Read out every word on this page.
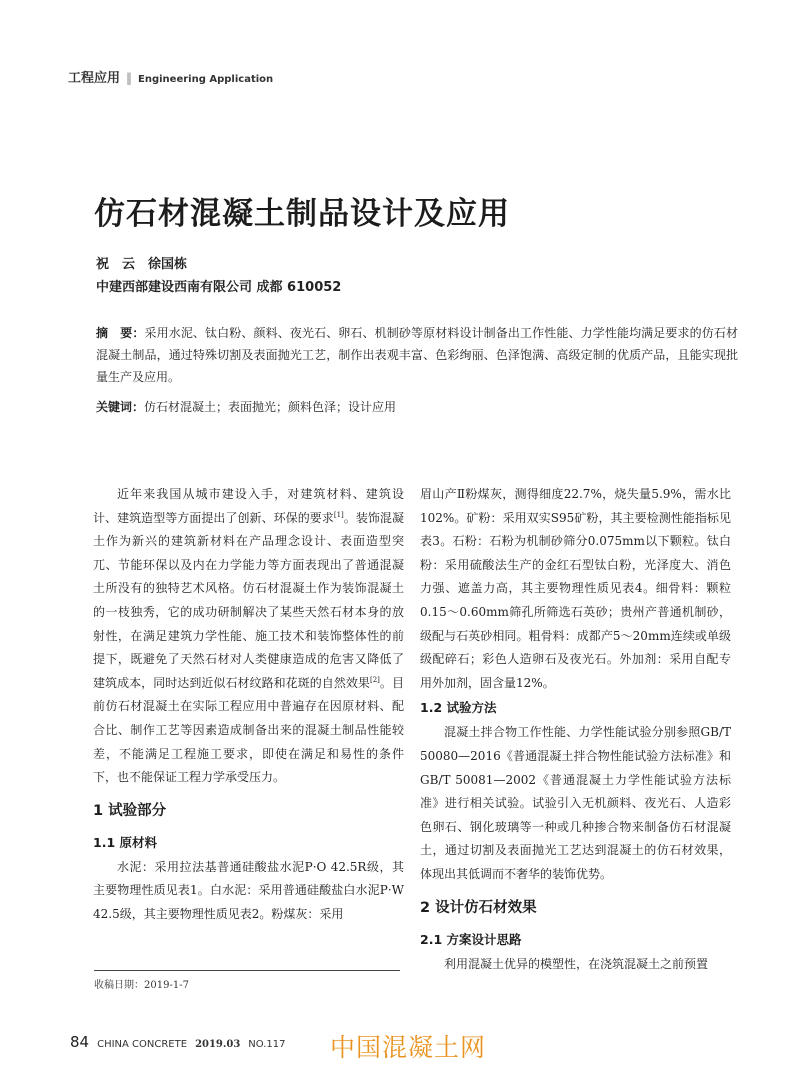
工程应用 ‖ Engineering Application
仿石材混凝土制品设计及应用
祝　云　徐国栋
中建西部建设西南有限公司 成都 610052
摘　要：采用水泥、钛白粉、颜料、夜光石、卵石、机制砂等原材料设计制备出工作性能、力学性能均满足要求的仿石材混凝土制品，通过特殊切割及表面抛光工艺，制作出表观丰富、色彩绚丽、色泽饱满、高级定制的优质产品，且能实现批量生产及应用。
关键词：仿石材混凝土；表面抛光；颜料色泽；设计应用

近年来我国从城市建设入手，对建筑材料、建筑设计、建筑造型等方面提出了创新、环保的要求[1]。装饰混凝土作为新兴的建筑新材料在产品理念设计、表面造型突兀、节能环保以及内在力学能力等方面表现出了普通混凝土所没有的独特艺术风格。仿石材混凝土作为装饰混凝土的一枝独秀，它的成功研制解决了某些天然石材本身的放射性，在满足建筑力学性能、施工技术和装饰整体性的前提下，既避免了天然石材对人类健康造成的危害又降低了建筑成本，同时达到近似石材纹路和花斑的自然效果[2]。目前仿石材混凝土在实际工程应用中普遍存在因原材料、配合比、制作工艺等因素造成制备出来的混凝土制品性能较差，不能满足工程施工要求，即使在满足和易性的条件下，也不能保证工程力学承受压力。

1 试验部分
1.1 原材料

水泥：采用拉法基普通硅酸盐水泥P·O 42.5R级，其主要物理性质见表1。白水泥：采用普通硅酸盐白水泥P·W 42.5级，其主要物理性质见表2。粉煤灰：采用

眉山产Ⅱ粉煤灰，测得细度22.7%，烧失量5.9%，需水比102%。矿粉：采用双实S95矿粉，其主要检测性能指标见表3。石粉：石粉为机制砂筛分0.075mm以下颗粒。钛白粉：采用硫酸法生产的金红石型钛白粉，光泽度大、消色力强、遮盖力高，其主要物理性质见表4。细骨料：颗粒0.15～0.60mm筛孔所筛选石英砂；贵州产普通机制砂，级配与石英砂相同。粗骨料：成都产5～20mm连续或单级级配碎石；彩色人造卵石及夜光石。外加剂：采用自配专用外加剂，固含量12%。

1.2 试验方法

混凝土拌合物工作性能、力学性能试验分别参照GB/T 50080—2016《普通混凝土拌合物性能试验方法标准》和GB/T 50081—2002《普通混凝土力学性能试验方法标准》进行相关试验。试验引入无机颜料、夜光石、人造彩色卵石、钢化玻璃等一种或几种掺合物来制备仿石材混凝土，通过切割及表面抛光工艺达到混凝土的仿石材效果，体现出其低调而不奢华的装饰优势。

2 设计仿石材效果
2.1 方案设计思路

利用混凝土优异的模塑性，在浇筑混凝土之前预置

收稿日期：2019-1-7
84 CHINA CONCRETE 2019.03 NO.117 中国混凝土网
